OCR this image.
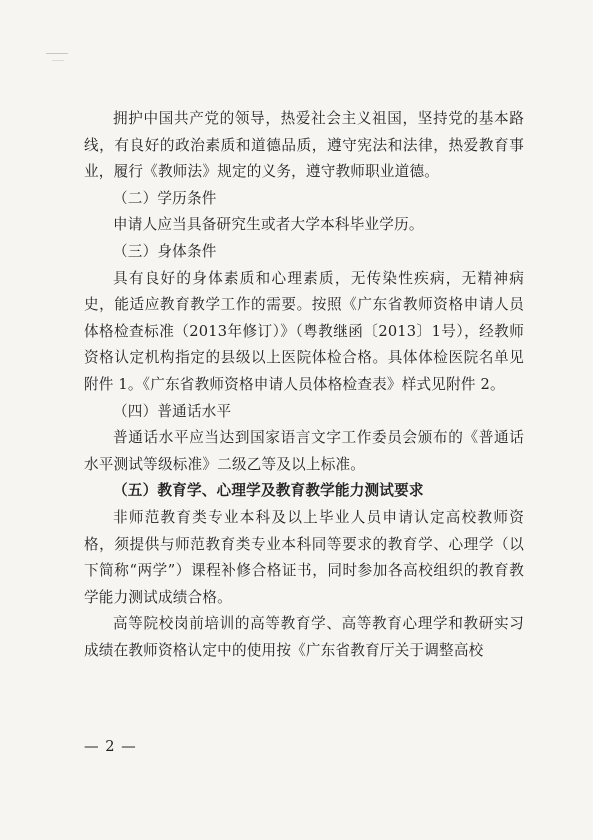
拥护中国共产党的领导，热爱社会主义祖国，坚持党的基本路线，有良好的政治素质和道德品质，遵守宪法和法律，热爱教育事业，履行《教师法》规定的义务，遵守教师职业道德。

（二）学历条件

申请人应当具备研究生或者大学本科毕业学历。

（三）身体条件

具有良好的身体素质和心理素质，无传染性疾病，无精神病史，能适应教育教学工作的需要。按照《广东省教师资格申请人员体格检查标准（2013年修订）》（粤教继函〔2013〕1号），经教师资格认定机构指定的县级以上医院体检合格。具体体检医院名单见附件 1。《广东省教师资格申请人员体格检查表》样式见附件 2。

（四）普通话水平

普通话水平应当达到国家语言文字工作委员会颁布的《普通话水平测试等级标准》二级乙等及以上标准。

（五）教育学、心理学及教育教学能力测试要求

非师范教育类专业本科及以上毕业人员申请认定高校教师资格，须提供与师范教育类专业本科同等要求的教育学、心理学（以下简称“两学”）课程补修合格证书，同时参加各高校组织的教育教学能力测试成绩合格。

高等院校岗前培训的高等教育学、高等教育心理学和教研实习成绩在教师资格认定中的使用按《广东省教育厅关于调整高校

— 2 —
